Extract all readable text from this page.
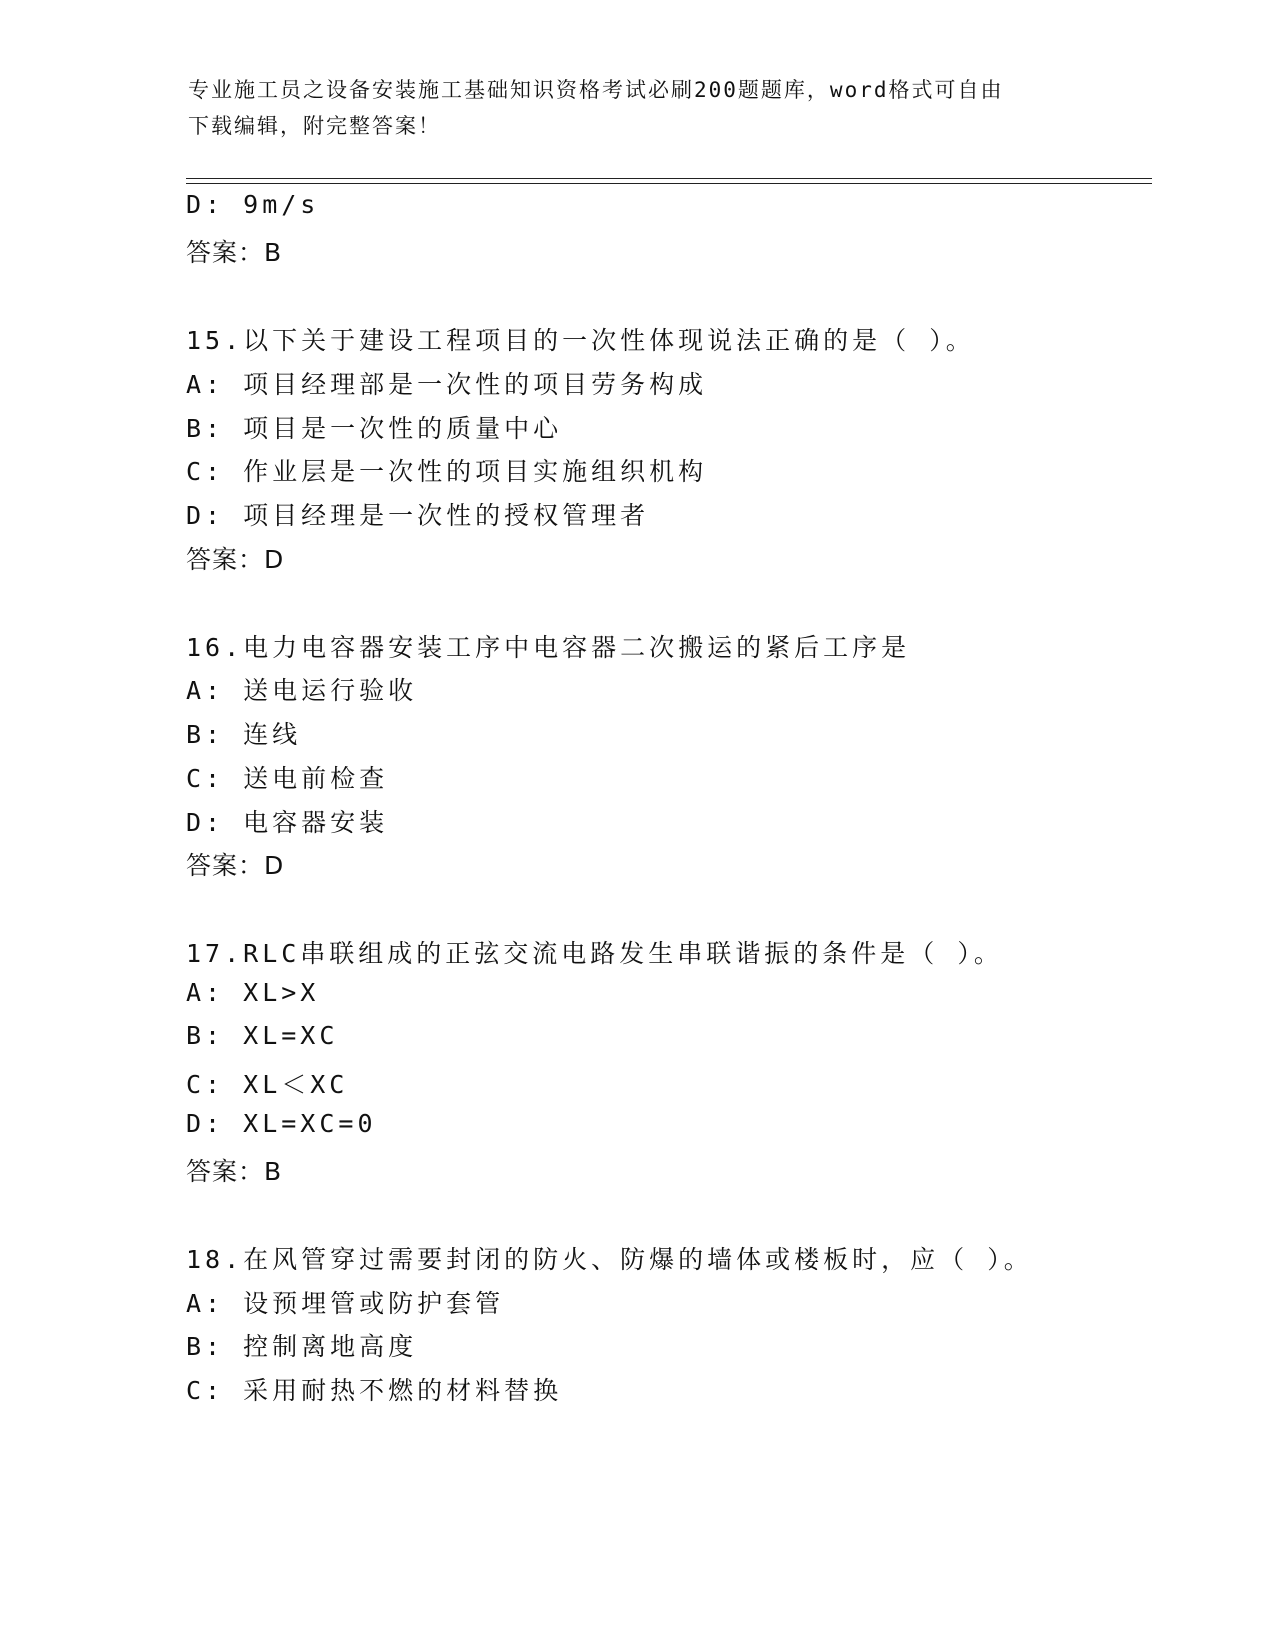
专业施工员之设备安装施工基础知识资格考试必刷200题题库，word格式可自由
下载编辑，附完整答案！
D: 9m/s
答案：B
15.以下关于建设工程项目的一次性体现说法正确的是（ ）。
A: 项目经理部是一次性的项目劳务构成
B: 项目是一次性的质量中心
C: 作业层是一次性的项目实施组织机构
D: 项目经理是一次性的授权管理者
答案：D
16.电力电容器安装工序中电容器二次搬运的紧后工序是
A: 送电运行验收
B: 连线
C: 送电前检查
D: 电容器安装
答案：D
17.RLC串联组成的正弦交流电路发生串联谐振的条件是（ ）。
A: XL>X
B: XL=XC
C: XL＜XC
D: XL=XC=0
答案：B
18.在风管穿过需要封闭的防火、防爆的墙体或楼板时，应（ ）。
A: 设预埋管或防护套管
B: 控制离地高度
C: 采用耐热不燃的材料替换
